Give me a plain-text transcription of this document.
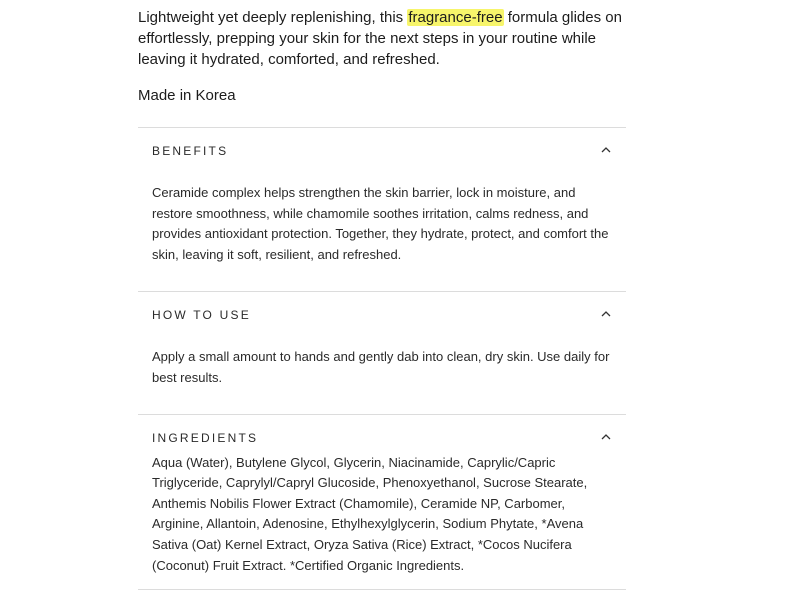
Lightweight yet deeply replenishing, this fragrance-free formula glides on effortlessly, prepping your skin for the next steps in your routine while leaving it hydrated, comforted, and refreshed.

Made in Korea
BENEFITS
Ceramide complex helps strengthen the skin barrier, lock in moisture, and restore smoothness, while chamomile soothes irritation, calms redness, and provides antioxidant protection. Together, they hydrate, protect, and comfort the skin, leaving it soft, resilient, and refreshed.
HOW TO USE
Apply a small amount to hands and gently dab into clean, dry skin. Use daily for best results.
INGREDIENTS
Aqua (Water), Butylene Glycol, Glycerin, Niacinamide, Caprylic/Capric Triglyceride, Caprylyl/Capryl Glucoside, Phenoxyethanol, Sucrose Stearate, Anthemis Nobilis Flower Extract (Chamomile), Ceramide NP, Carbomer, Arginine, Allantoin, Adenosine, Ethylhexylglycerin, Sodium Phytate, *Avena Sativa (Oat) Kernel Extract, Oryza Sativa (Rice) Extract, *Cocos Nucifera (Coconut) Fruit Extract. *Certified Organic Ingredients.
